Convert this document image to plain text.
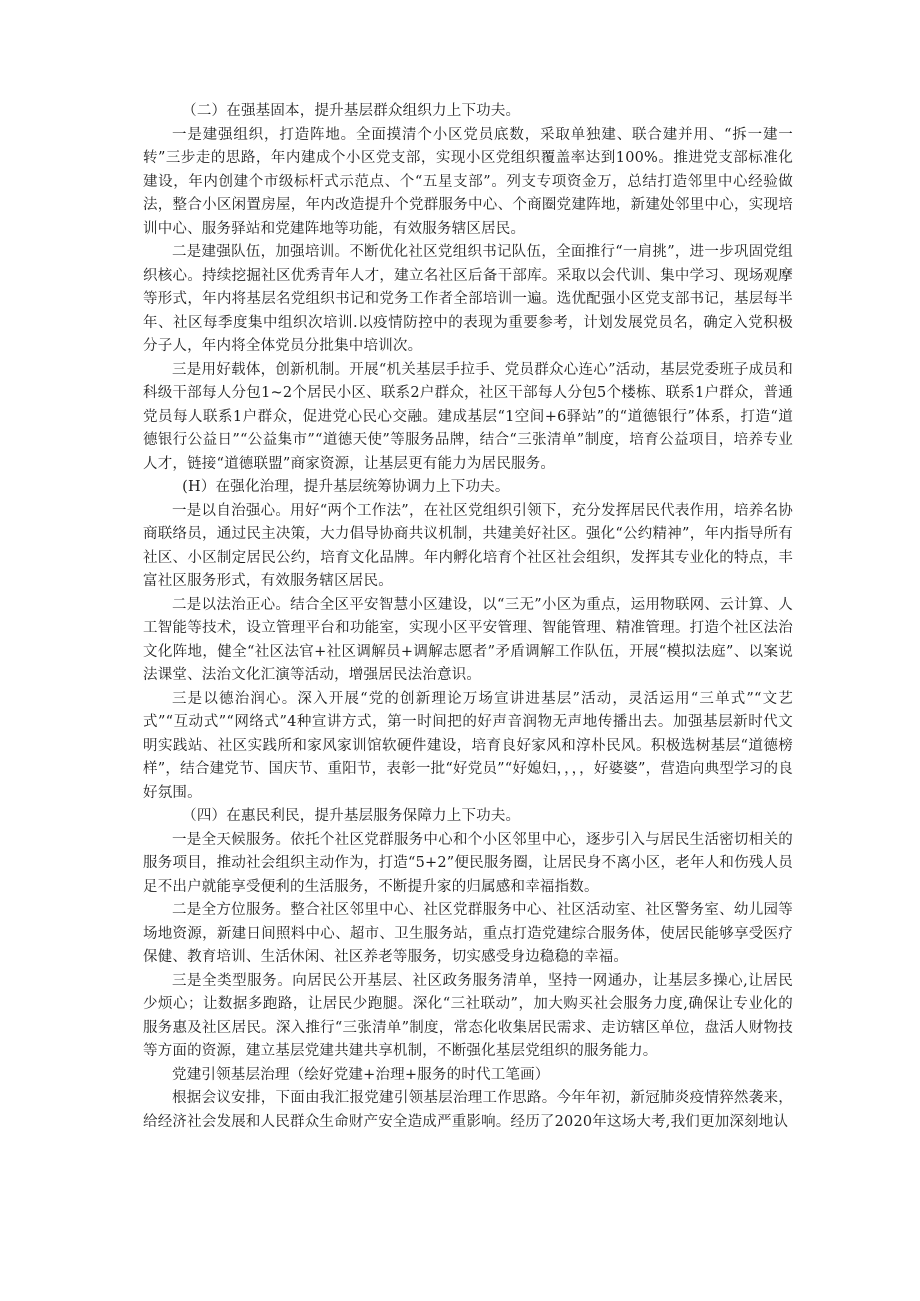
（二）在强基固本，提升基层群众组织力上下功夫。

一是建强组织，打造阵地。全面摸清个小区党员底数，采取单独建、联合建并用、“拆一建一转”三步走的思路，年内建成个小区党支部，实现小区党组织覆盖率达到100%。推进党支部标准化建设，年内创建个市级标杆式示范点、个“五星支部”。列支专项资金万，总结打造邻里中心经验做法，整合小区闲置房屋，年内改造提升个党群服务中心、个商圈党建阵地，新建处邻里中心，实现培训中心、服务驿站和党建阵地等功能，有效服务辖区居民。

二是建强队伍，加强培训。不断优化社区党组织书记队伍，全面推行“一肩挑”，进一步巩固党组织核心。持续挖掘社区优秀青年人才，建立名社区后备干部库。采取以会代训、集中学习、现场观摩等形式，年内将基层名党组织书记和党务工作者全部培训一遍。选优配强小区党支部书记，基层每半年、社区每季度集中组织次培训.以疫情防控中的表现为重要参考，计划发展党员名，确定入党积极分子人，年内将全体党员分批集中培训次。

三是用好载体，创新机制。开展“机关基层手拉手、党员群众心连心”活动，基层党委班子成员和科级干部每人分包1~2个居民小区、联系2户群众，社区干部每人分包5个楼栋、联系1户群众，普通党员每人联系1户群众，促进党心民心交融。建成基层“1空间+6驿站”的“道德银行”体系，打造“道德银行公益日”“公益集市”“道德天使”等服务品牌，结合“三张清单”制度，培育公益项目，培养专业人才，链接“道德联盟”商家资源，让基层更有能力为居民服务。

(H）在强化治理，提升基层统筹协调力上下功夫。

一是以自治强心。用好“两个工作法”，在社区党组织引领下，充分发挥居民代表作用，培养名协商联络员，通过民主决策，大力倡导协商共议机制，共建美好社区。强化“公约精神”，年内指导所有社区、小区制定居民公约，培育文化品牌。年内孵化培育个社区社会组织，发挥其专业化的特点，丰富社区服务形式，有效服务辖区居民。

二是以法治正心。结合全区平安智慧小区建设，以“三无”小区为重点，运用物联网、云计算、人工智能等技术，设立管理平台和功能室，实现小区平安管理、智能管理、精准管理。打造个社区法治文化阵地，健全“社区法官+社区调解员+调解志愿者”矛盾调解工作队伍，开展“模拟法庭”、以案说法课堂、法治文化汇演等活动，增强居民法治意识。

三是以德治润心。深入开展“党的创新理论万场宣讲进基层”活动，灵活运用“三单式”“文艺式”“互动式”“网络式”4种宣讲方式，第一时间把的好声音润物无声地传播出去。加强基层新时代文明实践站、社区实践所和家风家训馆软硬件建设，培育良好家风和淳朴民风。积极选树基层“道德榜样”，结合建党节、国庆节、重阳节，表彰一批“好党员”“好媳妇，，，，好婆婆”，营造向典型学习的良好氛围。

（四）在惠民利民，提升基层服务保障力上下功夫。

一是全天候服务。依托个社区党群服务中心和个小区邻里中心，逐步引入与居民生活密切相关的服务项目，推动社会组织主动作为，打造“5+2”便民服务圈，让居民身不离小区，老年人和伤残人员足不出户就能享受便利的生活服务，不断提升家的归属感和幸福指数。

二是全方位服务。整合社区邻里中心、社区党群服务中心、社区活动室、社区警务室、幼儿园等场地资源，新建日间照料中心、超市、卫生服务站，重点打造党建综合服务体，使居民能够享受医疗保健、教育培训、生活休闲、社区养老等服务，切实感受身边稳稳的幸福。

三是全类型服务。向居民公开基层、社区政务服务清单，坚持一网通办，让基层多操心,让居民少烦心；让数据多跑路，让居民少跑腿。深化“三社联动”，加大购买社会服务力度,确保让专业化的服务惠及社区居民。深入推行“三张清单”制度，常态化收集居民需求、走访辖区单位，盘活人财物技等方面的资源，建立基层党建共建共享机制，不断强化基层党组织的服务能力。

党建引领基层治理（绘好党建+治理+服务的时代工笔画）

根据会议安排，下面由我汇报党建引领基层治理工作思路。今年年初，新冠肺炎疫情猝然袭来，给经济社会发展和人民群众生命财产安全造成严重影响。经历了2020年这场大考,我们更加深刻地认
